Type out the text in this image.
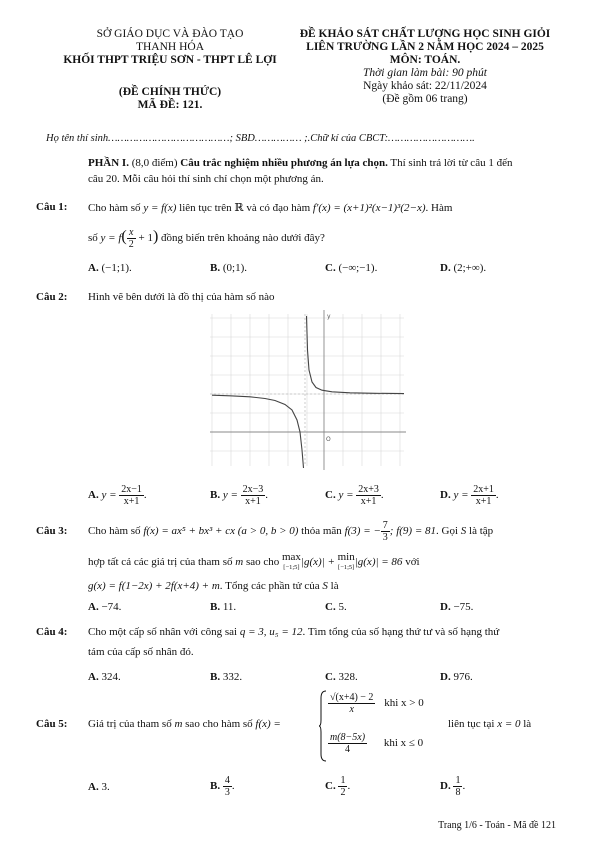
SỞ GIÁO DỤC VÀ ĐÀO TẠO
THANH HÓA
KHỐI THPT TRIỆU SƠN - THPT LÊ LỢI
(ĐỀ CHÍNH THỨC)
MÃ ĐỀ: 121.
ĐỀ KHẢO SÁT CHẤT LƯỢNG HỌC SINH GIỎI
LIÊN TRƯỜNG LẦN 2 NĂM HỌC 2024 – 2025
MÔN: TOÁN.
Thời gian làm bài: 90 phút
Ngày khảo sát: 22/11/2024
(Đề gồm 06 trang)
Họ tên thí sinh…………………………………; SBD…………… ;.Chữ kí của CBCT:……………………….
PHẦN I. (8,0 điểm) Câu trắc nghiệm nhiều phương án lựa chọn. Thí sinh trả lời từ câu 1 đến
câu 20. Mỗi câu hỏi thí sinh chỉ chọn một phương án.
Câu 1: Cho hàm số y = f(x) liên tục trên ℝ và có đạo hàm f′(x) = (x+1)²(x−1)³(2−x). Hàm
số $y = f( \frac{x}{2} + 1)$ đồng biến trên khoảng nào dưới đây?
A. (−1;1).	B. (0;1).	C. (−∞;−1).	D. (2;+∞).
Câu 2: Hình vẽ bên dưới là đồ thị của hàm số nào
y
O
A. $y = \frac{2x-1}{x+1}$ .	B. $y = \frac{2x-3}{x+1}$ .	C. $y = \frac{2x+3}{x+1}$ .	D. $y = \frac{2x+1}{x+1}$ .
Câu 3: Cho hàm số f(x) = ax⁵ + bx³ + cx (a > 0, b > 0) thỏa mãn f(3) = − $\frac{7}{3}$ ; f(9) = 81. Gọi S là tập
hợp tất cả các giá trị của tham số m sao cho max
[−1;5]|g(x)| + min
[−1;5]|g(x)| = 86 với
g(x) = f(1−2x) + 2f(x+4) + m. Tổng các phần tử của S là
A. −74.	B. 11.	C. 5.	D. −75.
Câu 4: Cho một cấp số nhân với công sai q = 3, u₅ = 12. Tìm tổng của số hạng thứ tư và số hạng thứ
tám của cấp số nhân đó.
A. 324.	B. 332.	C. 328.	D. 976.
Câu 5: Giá trị của tham số m sao cho hàm số f(x) =
$\frac{√(x+4) - 2}{x}$ khi x > 0
$\frac{m(8-5x)}{4}$ khi x ≤ 0
liên tục tại x = 0 là
A. 3.	B. $\frac{4}{3}$ .	C. $\frac{1}{2}$ .	D. $\frac{1}{8}$ .
Trang 1/6 - Toán - Mã đề 121
